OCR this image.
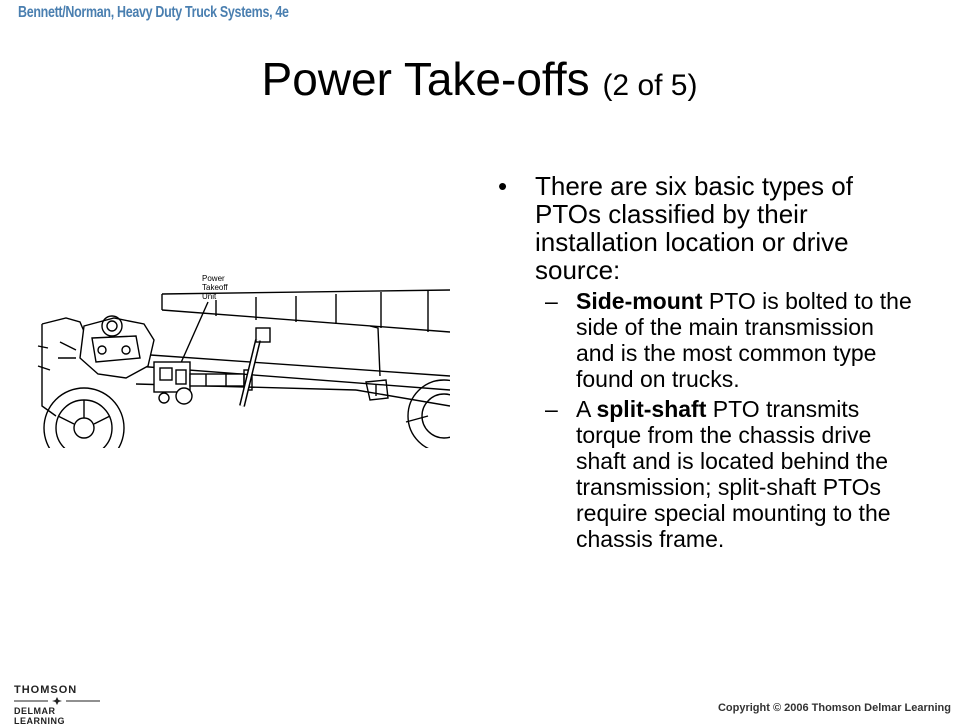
Bennett/Norman, Heavy Duty Truck Systems, 4e
Power Take-offs (2 of 5)
Power
Takeoff
Unit
• There are six basic types of PTOs classified by their installation location or drive source:
– Side-mount PTO is bolted to the side of the main transmission and is the most common type found on trucks.
– A split-shaft PTO transmits torque from the chassis drive shaft and is located behind the transmission; split-shaft PTOs require special mounting to the chassis frame.
THOMSON
DELMAR LEARNING
Copyright © 2006 Thomson Delmar Learning
